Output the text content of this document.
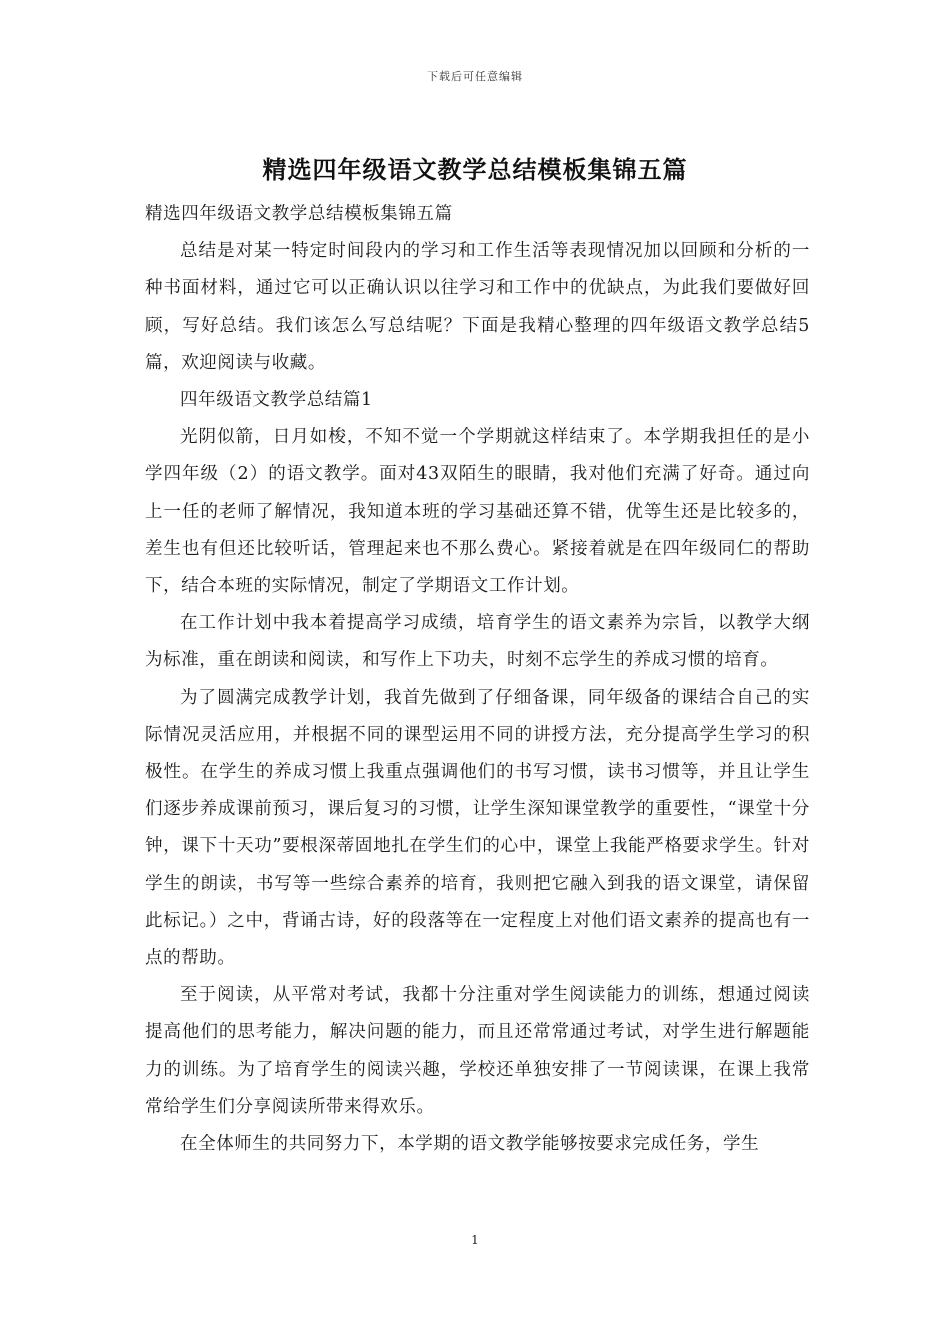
下载后可任意编辑
精选四年级语文教学总结模板集锦五篇

精选四年级语文教学总结模板集锦五篇

总结是对某一特定时间段内的学习和工作生活等表现情况加以回顾和分析的一种书面材料，通过它可以正确认识以往学习和工作中的优缺点，为此我们要做好回顾，写好总结。我们该怎么写总结呢？下面是我精心整理的四年级语文教学总结5篇，欢迎阅读与收藏。

四年级语文教学总结篇1

光阴似箭，日月如梭，不知不觉一个学期就这样结束了。本学期我担任的是小学四年级（2）的语文教学。面对43双陌生的眼睛，我对他们充满了好奇。通过向上一任的老师了解情况，我知道本班的学习基础还算不错，优等生还是比较多的，差生也有但还比较听话，管理起来也不那么费心。紧接着就是在四年级同仁的帮助下，结合本班的实际情况，制定了学期语文工作计划。

在工作计划中我本着提高学习成绩，培育学生的语文素养为宗旨，以教学大纲为标准，重在朗读和阅读，和写作上下功夫，时刻不忘学生的养成习惯的培育。

为了圆满完成教学计划，我首先做到了仔细备课，同年级备的课结合自己的实际情况灵活应用，并根据不同的课型运用不同的讲授方法，充分提高学生学习的积极性。在学生的养成习惯上我重点强调他们的书写习惯，读书习惯等，并且让学生们逐步养成课前预习，课后复习的习惯，让学生深知课堂教学的重要性，“课堂十分钟，课下十天功”要根深蒂固地扎在学生们的心中，课堂上我能严格要求学生。针对学生的朗读，书写等一些综合素养的培育，我则把它融入到我的语文课堂，请保留此标记。）之中，背诵古诗，好的段落等在一定程度上对他们语文素养的提高也有一点的帮助。

至于阅读，从平常对考试，我都十分注重对学生阅读能力的训练，想通过阅读提高他们的思考能力，解决问题的能力，而且还常常通过考试，对学生进行解题能力的训练。为了培育学生的阅读兴趣，学校还单独安排了一节阅读课，在课上我常常给学生们分享阅读所带来得欢乐。

在全体师生的共同努力下，本学期的语文教学能够按要求完成任务，学生

1
